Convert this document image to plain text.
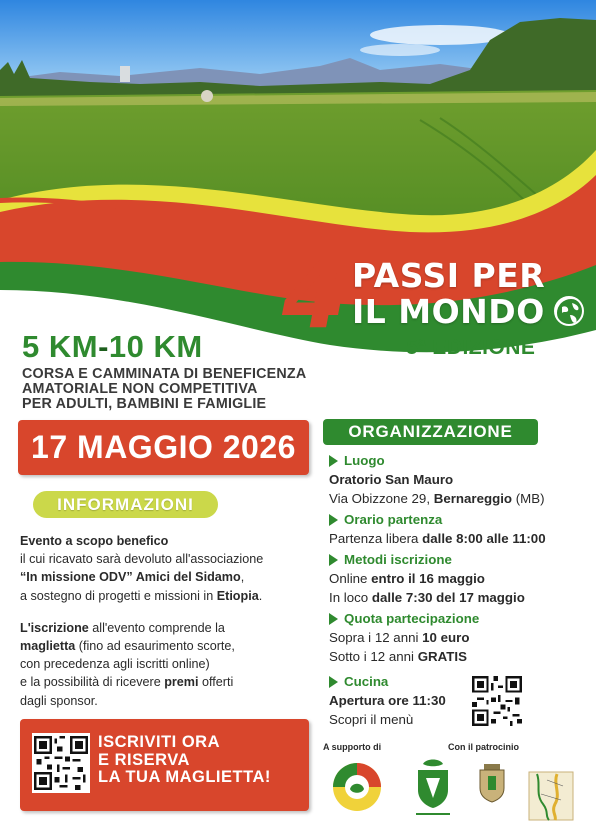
4 PASSI PER
IL MONDO
5$^a$ EDIZIONE
5 KM-10 KM
CORSA E CAMMINATA DI BENEFICENZA
AMATORIALE NON COMPETITIVA
PER ADULTI, BAMBINI E FAMIGLIE
17 MAGGIO 2026
INFORMAZIONI

Evento a scopo benefico

il cui ricavato sarà devoluto all'associazione

“In missione ODV” Amici del Sidamo,

a sostegno di progetti e missioni in Etiopia.

L'iscrizione all'evento comprende la

maglietta (fino ad esaurimento scorte,

con precedenza agli iscritti online)

e la possibilità di ricevere premi offerti

dagli sponsor.

ISCRIVITI ORA
E RISERVA
LA TUA MAGLIETTA!
ORGANIZZAZIONE
Luogo
Oratorio San Mauro
Via Obizzone 29, Bernareggio (MB)
Orario partenza
Partenza libera dalle 8:00 alle 11:00
Metodi iscrizione
Online entro il 16 maggio
In loco dalle 7:30 del 17 maggio
Quota partecipazione
Sopra i 12 anni 10 euro
Sotto i 12 anni GRATIS
Cucina
Apertura ore 11:30
Scopri il menù
A supporto di	Con il patrocinio
